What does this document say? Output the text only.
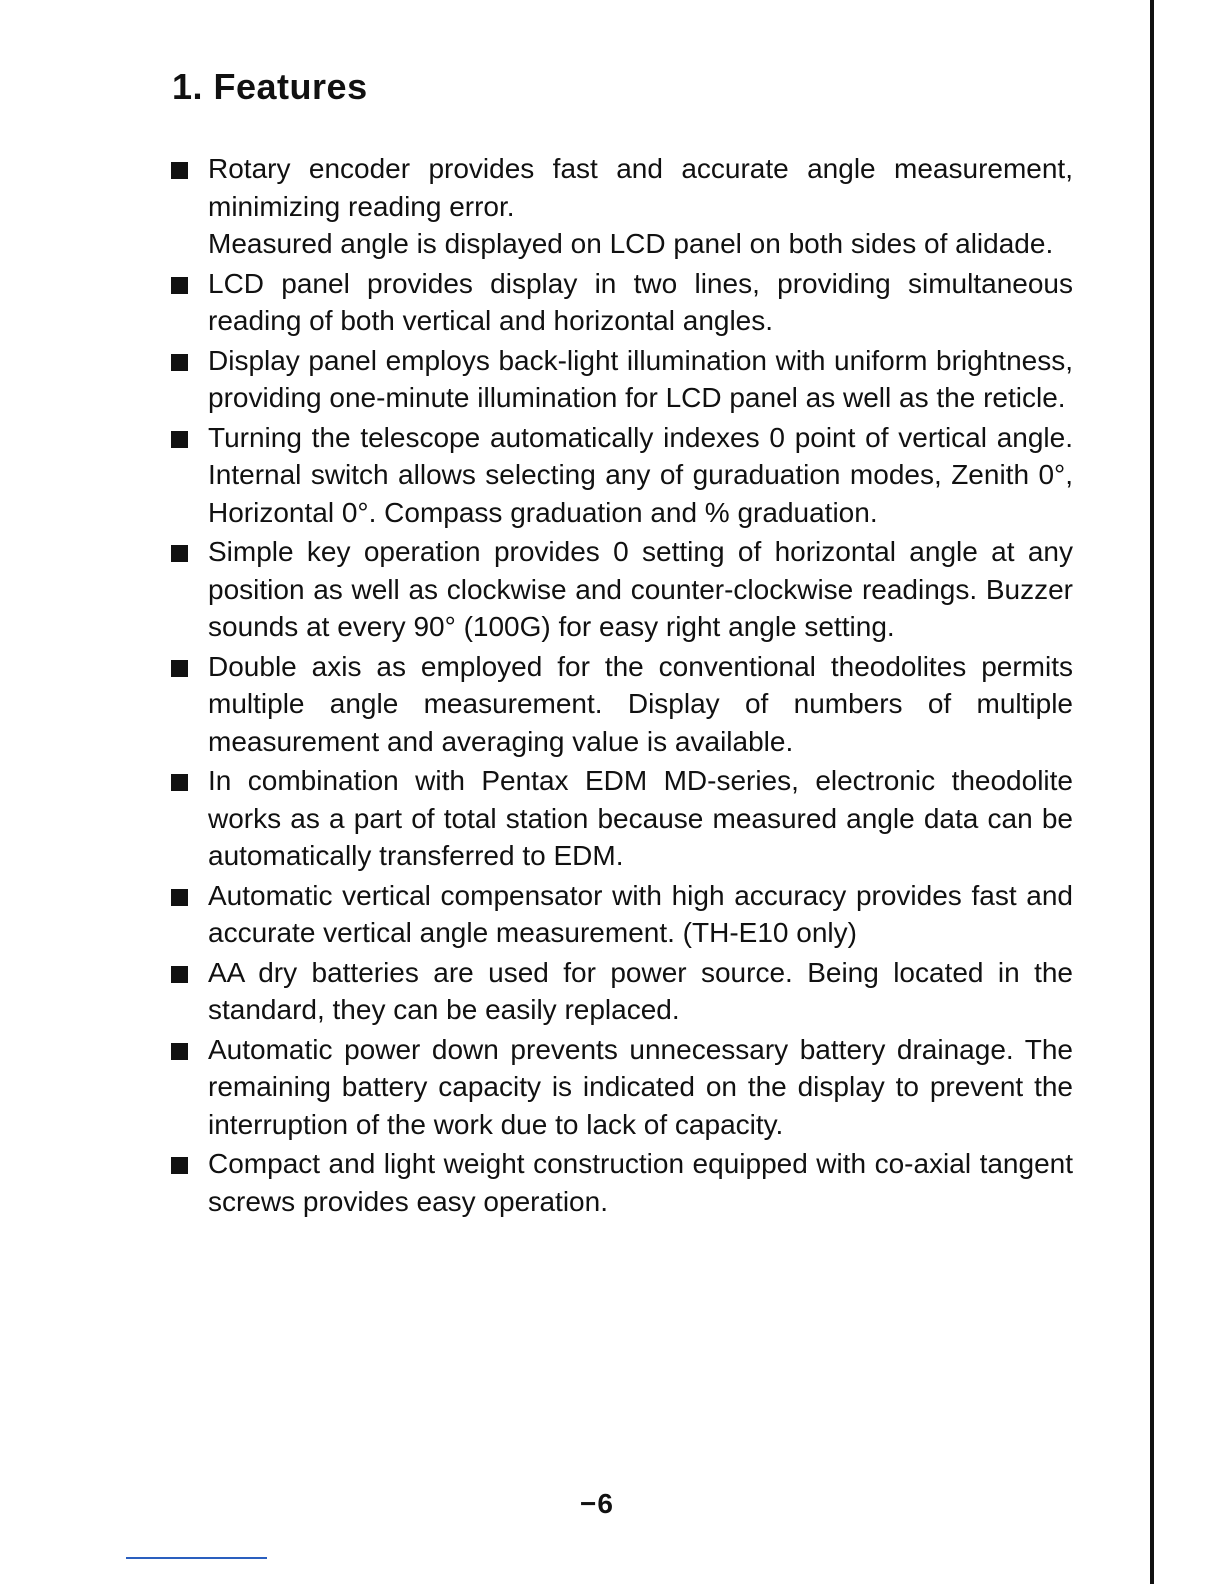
1. Features

Rotary encoder provides fast and accurate angle measurement, minimizing reading error.

Measured angle is displayed on LCD panel on both sides of alidade.

LCD panel provides display in two lines, providing simultaneous reading of both vertical and horizontal angles.

Display panel employs back-light illumination with uniform brightness, providing one-minute illumination for LCD panel as well as the reticle.

Turning the telescope automatically indexes 0 point of vertical angle. Internal switch allows selecting any of guraduation modes, Zenith 0°, Horizontal 0°. Compass graduation and % graduation.

Simple key operation provides 0 setting of horizontal angle at any position as well as clockwise and counter-clockwise readings. Buzzer sounds at every 90° (100G) for easy right angle setting.

Double axis as employed for the conventional theodolites permits multiple angle measurement. Display of numbers of multiple measurement and averaging value is available.

In combination with Pentax EDM MD-series, electronic theodolite works as a part of total station because measured angle data can be automatically transferred to EDM.

Automatic vertical compensator with high accuracy provides fast and accurate vertical angle measurement. (TH-E10 only)

AA dry batteries are used for power source. Being located in the standard, they can be easily replaced.

Automatic power down prevents unnecessary battery drainage. The remaining battery capacity is indicated on the display to prevent the interruption of the work due to lack of capacity.

Compact and light weight construction equipped with co-axial tangent screws provides easy operation.

−6
